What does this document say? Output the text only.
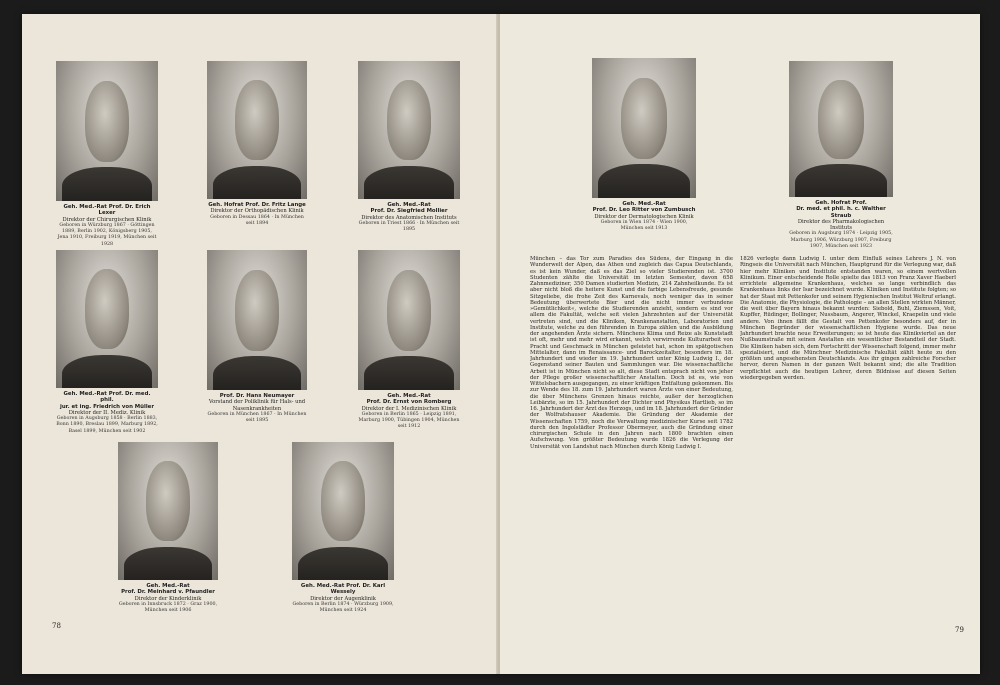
Geh. Med.-Rat Prof. Dr. Erich Lexer
Direktor der Chirurgischen Klinik
Geboren in Würzburg 1867 · Göttingen 1889, Berlin 1902, Königsberg 1905, Jena 1910, Freiburg 1919, München seit 1928
Geh. Hofrat Prof. Dr. Fritz Lange
Direktor der Orthopädischen Klinik
Geboren in Dessau 1864 · In München seit 1894
Geh. Med.-Rat
Prof. Dr. Siegfried Mollier
Direktor des Anatomischen Instituts
Geboren in Triest 1866 · In München seit 1895
Geh. Med.-Rat Prof. Dr. med. phil.
jur. et ing. Friedrich von Müller
Direktor der II. Mediz. Klinik
Geboren in Augsburg 1858 · Berlin 1883, Bonn 1890, Breslau 1899, Marburg 1892, Basel 1899, München seit 1902
Prof. Dr. Hans Neumayer
Vorstand der Poliklinik für Hals- und Nasenkrankheiten
Geboren in München 1867 · In München seit 1895
Geh. Med.-Rat
Prof. Dr. Ernst von Romberg
Direktor der I. Medizinischen Klinik
Geboren in Berlin 1865 · Leipzig 1891, Marburg 1900, Tübingen 1904, München seit 1912
Geh. Med.-Rat
Prof. Dr. Meinhard v. Pfaundler
Direktor der Kinderklinik
Geboren in Innsbruck 1872 · Graz 1900, München seit 1906
Geh. Med.-Rat Prof. Dr. Karl Wessely
Direktor der Augenklinik
Geboren in Berlin 1874 · Würzburg 1909, München seit 1924
78
Geh. Med.-Rat
Prof. Dr. Leo Ritter von Zumbusch
Direktor der Dermatologischen Klinik
Geboren in Wien 1874 · Wien 1900, München seit 1913
Geh. Hofrat Prof.
Dr. med. et phil. h. c. Walther Straub
Direktor des Pharmakologischen Instituts
Geboren in Augsburg 1874 · Leipzig 1905, Marburg 1906, Würzburg 1907, Freiburg 1907, München seit 1923

München – das Tor zum Paradies des Südens, der Eingang in die Wunderwelt der Alpen, das Athen und zugleich das Capua Deutschlands, es ist kein Wunder, daß es das Ziel so vieler Studierenden ist. 3700 Studenten zählte die Universität im letzten Semester, davon 658 Zahnmediziner, 350 Damen studierten Medizin, 214 Zahnheilkunde. Es ist aber nicht bloß die heitere Kunst und die farbige Lebensfreude, gesunde Sitzgeliebe, die frohe Zeit des Karnevals, noch weniger das in seiner Bedeutung überwertete Bier und die nicht immer verbundene »Gemütlichkeit«, welche die Studierenden anzieht, sondern es sind vor allem die Fakultät, welche seit vielen Jahrzehnten auf der Universität vertreten sind, und die Kliniken, Krankenanstalten, Laboratorien und Institute, welche zu den führenden in Europa zählen und die Ausbildung der angehenden Ärzte sichern. Münchens Klima und Reize als Kunststadt ist oft, mehr und mehr wird erkannt, welch verwirrende Kulturarbeit von Pracht und Geschmack in München geleistet hat, schon im spätgotischen Mittelalter, dann im Renaissance- und Barockzeitalter, besonders im 18. Jahrhundert und wieder im 19. Jahrhundert unter König Ludwig I., der Gegenstand seiner Bauten und Sammlungen war. Die wissenschaftliche Arbeit ist in München nicht so alt, diese Stadt entsprach nicht von jeher der Pflege großer wissenschaftlicher Anstalten. Doch ist es, wie von Wittelsbachern ausgegangen, zu einer kräftigen Entfaltung gekommen. Bis zur Wende des 18. zum 19. Jahrhundert waren Ärzte von einer Bedeutung, die über Münchens Grenzen hinaus reichte, außer der herzoglichen Leibärzte, so im 15. Jahrhundert der Dichter und Physikus Hartlieb, so im 16. Jahrhundert der Arzt des Herzogs, und im 18. Jahrhundert der Gründer der Wolfratshauser Akademie. Die Gründung der Akademie der Wissenschaften 1759, noch die Verwaltung medizinischer Kurse seit 1782 durch den Ingolstädter Professor Obermeyer, auch die Gründung einer chirurgischen Schule in den Jahren nach 1800 brachten einen Aufschwung. Von größter Bedeutung wurde 1826 die Verlegung der Universität von Landshut nach München durch König Ludwig I.

1826 verlegte dann Ludwig I. unter dem Einfluß seines Lehrers J. N. von Ringseis die Universität nach München, Hauptgrund für die Verlegung war, daß hier mehr Kliniken und Institute entstanden waren, so einem wertvollen Klinikum. Einer entscheidende Rolle spielte das 1813 von Franz Xaver Haeberl errichtete allgemeine Krankenhaus, welches so lange verbindlich das Krankenhaus links der Isar bezeichnet wurde. Kliniken und Institute folgten; so hat der Staat mit Pettenkofer und seinem Hygienischen Institut Weltruf erlangt. Die Anatomie, die Physiologie, die Pathologie – an allen Stellen wirkten Männer, die weit über Bayern hinaus bekannt wurden: Siebold, Buhl, Ziemssen, Voit, Kupffer, Rüdinger, Bollinger, Nussbaum, Angerer, Winckel, Kraepelin und viele andere. Von ihnen fällt die Gestalt von Pettenkofer besonders auf, der in München Begründer der wissenschaftlichen Hygiene wurde. Das neue Jahrhundert brachte neue Erweiterungen; so ist heute das Klinikviertel an der Nußbaumstraße mit seinen Anstalten ein wesentlicher Bestandteil der Stadt. Die Kliniken haben sich, dem Fortschritt der Wissenschaft folgend, immer mehr spezialisiert, und die Münchner Medizinische Fakultät zählt heute zu den größten und angesehensten Deutschlands. Aus ihr gingen zahlreiche Forscher hervor, deren Namen in der ganzen Welt bekannt sind; die alte Tradition verpflichtet auch die heutigen Lehrer, deren Bildnisse auf diesen Seiten wiedergegeben werden.

79
